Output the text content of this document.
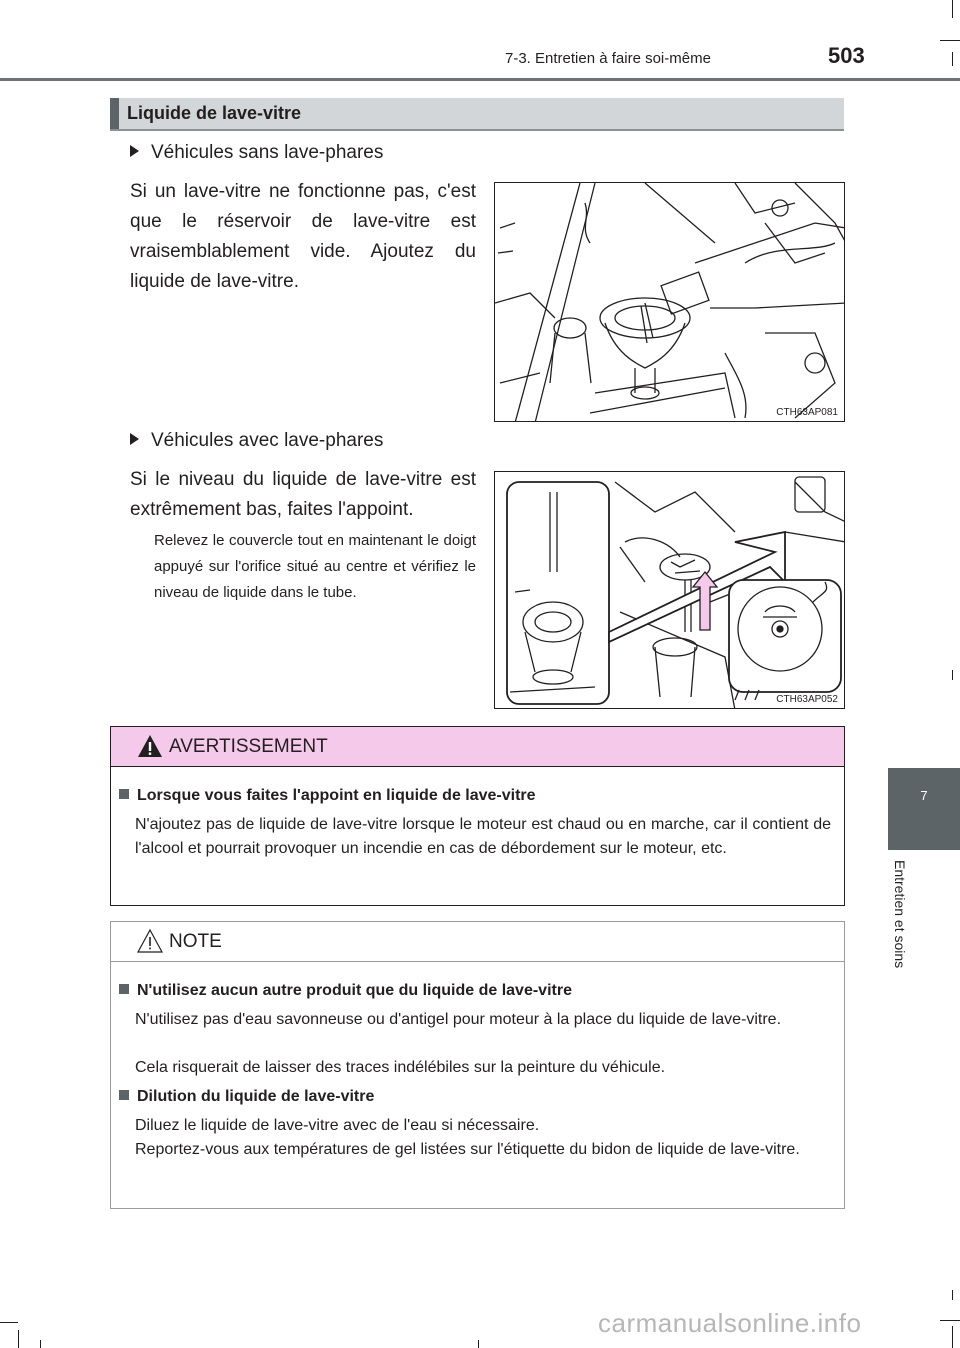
7-3. Entretien à faire soi-même	503
7
Entretien et soins
Liquide de lave-vitre
Véhicules sans lave-phares
Si un lave-vitre ne fonctionne pas, c'est que le réservoir de lave-vitre est vraisemblablement vide. Ajoutez du liquide de lave-vitre.
CTH63AP081
Véhicules avec lave-phares
Si le niveau du liquide de lave-vitre est extrêmement bas, faites l'appoint.
Relevez le couvercle tout en maintenant le doigt appuyé sur l'orifice situé au centre et vérifiez le niveau de liquide dans le tube.
CTH63AP052
AVERTISSEMENT
Lorsque vous faites l'appoint en liquide de lave-vitre
N'ajoutez pas de liquide de lave-vitre lorsque le moteur est chaud ou en marche, car il contient de l'alcool et pourrait provoquer un incendie en cas de débordement sur le moteur, etc.
NOTE
N'utilisez aucun autre produit que du liquide de lave-vitre
N'utilisez pas d'eau savonneuse ou d'antigel pour moteur à la place du liquide de lave-vitre.
Cela risquerait de laisser des traces indélébiles sur la peinture du véhicule.
Dilution du liquide de lave-vitre
Diluez le liquide de lave-vitre avec de l'eau si nécessaire.
Reportez-vous aux températures de gel listées sur l'étiquette du bidon de liquide de lave-vitre.
carmanualsonline.info
